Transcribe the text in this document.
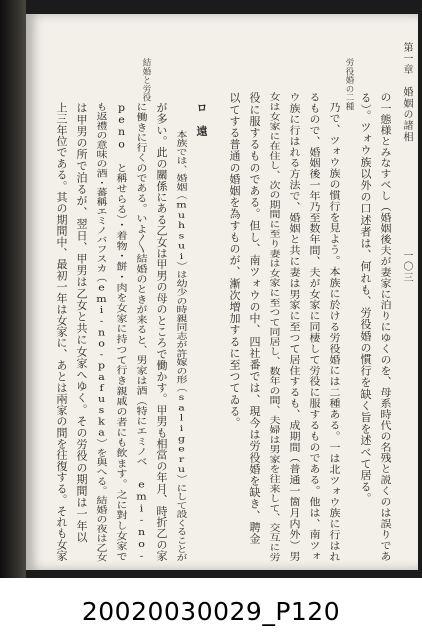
第一章　婚姻の諸相
一〇三
の一態様とみなすべし（婚姻後夫が妻家に泊りにゆくのを、母系時代の名残と説くのは誤りであ
る）。ツォウ族以外の口述者は、何れも、労役婚の慣行を缺く旨を述べて居る。
乃で、ツォウ族の慣行を見よう。本族に於ける労役婚には二種ある。一は北ツォウ族に行はれ
るもので、婚姻後一年乃至数年間、夫が女家に同棲して労役に服するものである。他は、南ツォ
ウ族に行はれる方法で、婚姻と共に妻は男家に至つて居住するも、成期間（普通一箇月内外）男
女は女家に在住し、次の期間に至り妻は女家に至つて同居し、数年の間、夫婦は男家を往来して、交互に労
役に服するものである。但し、南ツォウの中、四社番では、現今は労役婚を缺き、聘金
以てする普通の婚姻を為すものが、漸次増加するに至つてゐる。
労役婚の二種
結婚と労役
ロ　遠
本族では、婚姻（muhsui）は幼少の時親同志が許嫁の形（saligeru）にして設くることが
が多い。此の關係にある乙女は甲男の母のところで働かす。甲男も相當の年月、時折乙の家
に働きに行くのである。いよ〳〵結婚のときが来ると、男家は酒（特にエミノベ emi-no-
peno と稱せらる）・着物・餅・肉を女家に持つて行き親戚の者にも飲ます。之に對し女家で
も返禮の意味の酒・蕃稱エミノバフスカ（emi-no-pafuska）を與へる。結婚の夜は乙女
は甲男の所で泊るが、翌日、甲男は乙女と共に女家へゆく。その労役の期間は一年以
上三年位である。其の期間中、最初一年は女家に、あとは兩家の間を往復する。それも女家
20020030029_P120
